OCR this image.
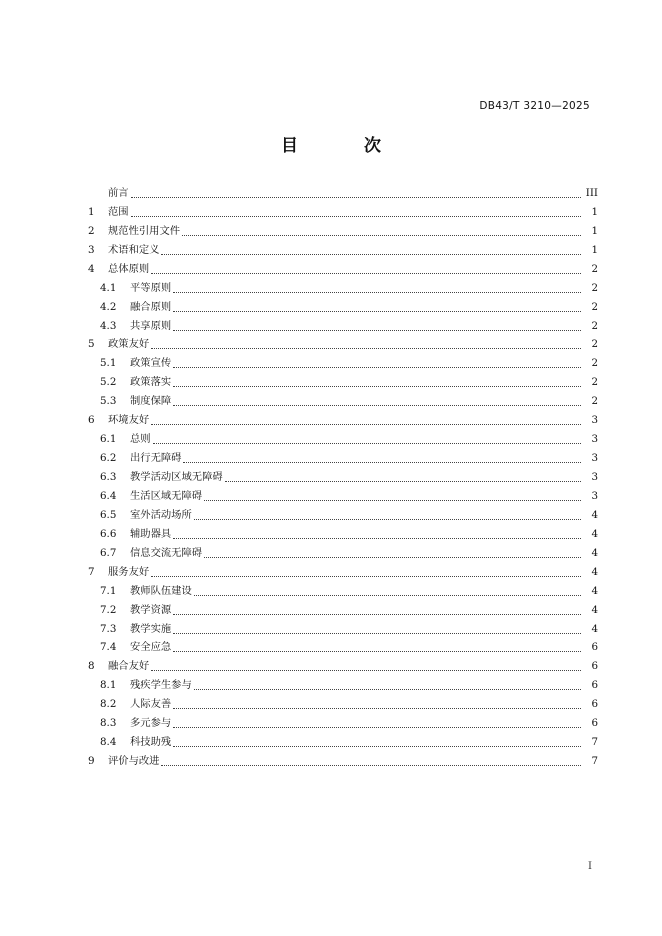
DB43/T 3210—2025
目 次
前言	III
1	范围	1
2	规范性引用文件	1
3	术语和定义	1
4	总体原则	2
4.1	平等原则	2
4.2	融合原则	2
4.3	共享原则	2
5	政策友好	2
5.1	政策宣传	2
5.2	政策落实	2
5.3	制度保障	2
6	环境友好	3
6.1	总则	3
6.2	出行无障碍	3
6.3	教学活动区域无障碍	3
6.4	生活区域无障碍	3
6.5	室外活动场所	4
6.6	辅助器具	4
6.7	信息交流无障碍	4
7	服务友好	4
7.1	教师队伍建设	4
7.2	教学资源	4
7.3	教学实施	4
7.4	安全应急	6
8	融合友好	6
8.1	残疾学生参与	6
8.2	人际友善	6
8.3	多元参与	6
8.4	科技助残	7
9	评价与改进	7
I
